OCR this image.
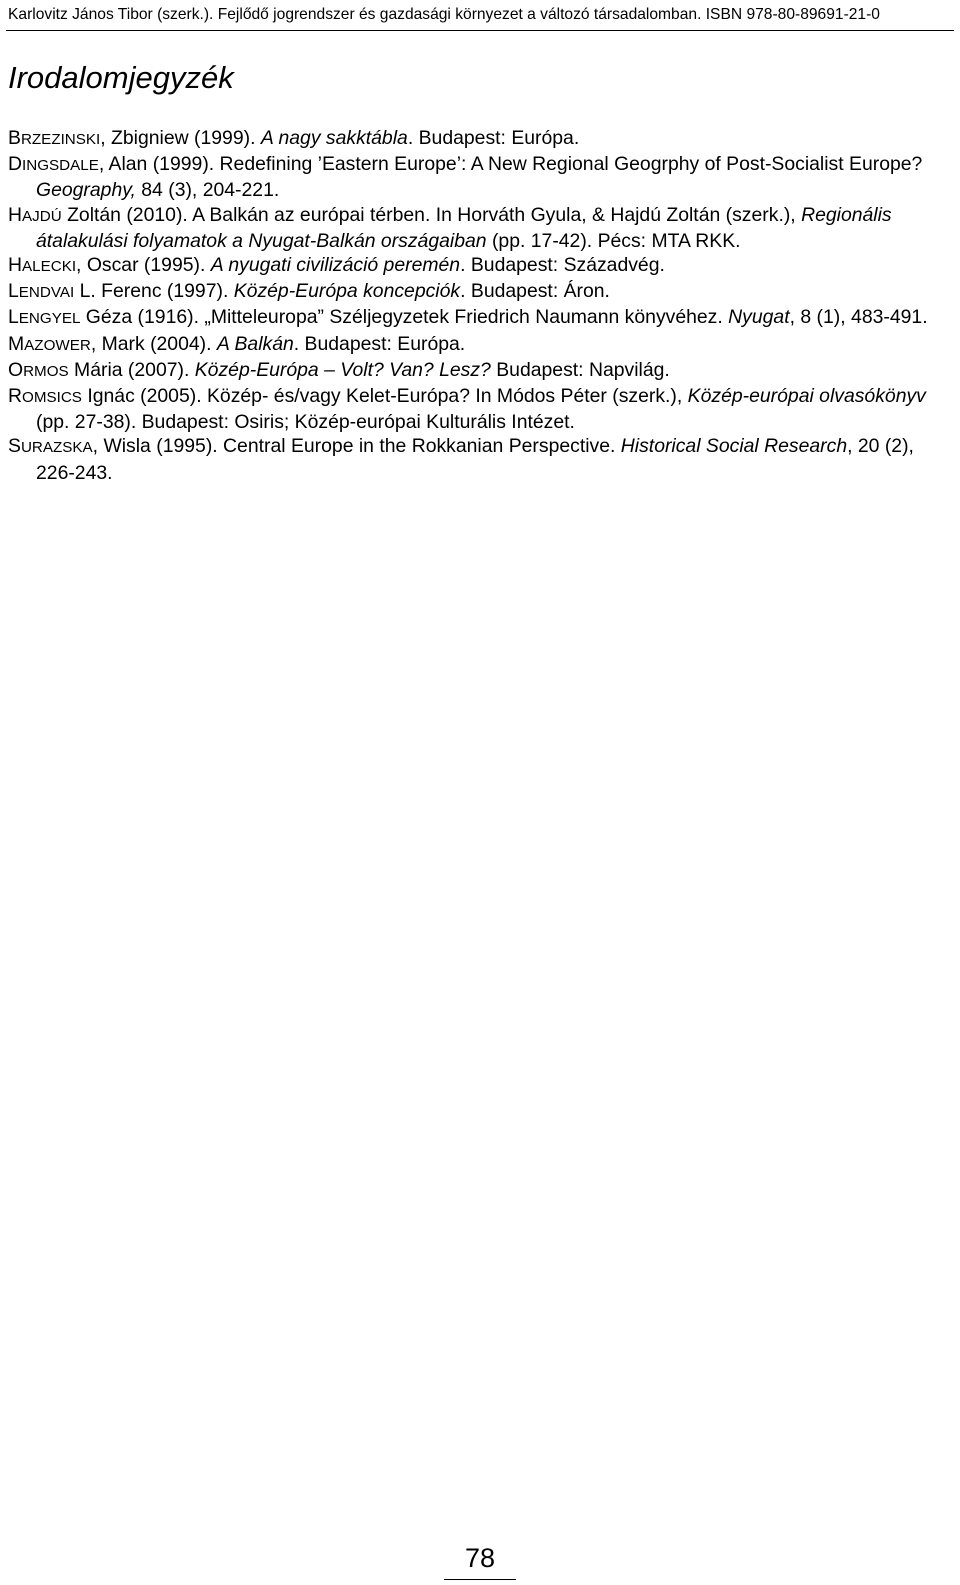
Karlovitz János Tibor (szerk.). Fejlődő jogrendszer és gazdasági környezet a változó társadalomban. ISBN 978-80-89691-21-0
Irodalomjegyzék
BRZEZINSKI, Zbigniew (1999). A nagy sakktábla. Budapest: Európa.
DINGSDALE, Alan (1999). Redefining ’Eastern Europe’: A New Regional Geogrphy of Post-Socialist Europe? Geography, 84 (3), 204-221.
HAJDÚ Zoltán (2010). A Balkán az európai térben. In Horváth Gyula, & Hajdú Zoltán (szerk.), Regionális átalakulási folyamatok a Nyugat-Balkán országaiban (pp. 17-42). Pécs: MTA RKK.
HALECKI, Oscar (1995). A nyugati civilizáció peremén. Budapest: Századvég.
LENDVAI L. Ferenc (1997). Közép-Európa koncepciók. Budapest: Áron.
LENGYEL Géza (1916). „Mitteleuropa” Széljegyzetek Friedrich Naumann könyvéhez. Nyugat, 8 (1), 483-491.
MAZOWER, Mark (2004). A Balkán. Budapest: Európa.
ORMOS Mária (2007). Közép-Európa – Volt? Van? Lesz? Budapest: Napvilág.
ROMSICS Ignác (2005). Közép- és/vagy Kelet-Európa? In Módos Péter (szerk.), Közép-európai olvasókönyv (pp. 27-38). Budapest: Osiris; Közép-európai Kulturális Intézet.
SURAZSKA, Wisla (1995). Central Europe in the Rokkanian Perspective. Historical Social Research, 20 (2), 226-243.
78
